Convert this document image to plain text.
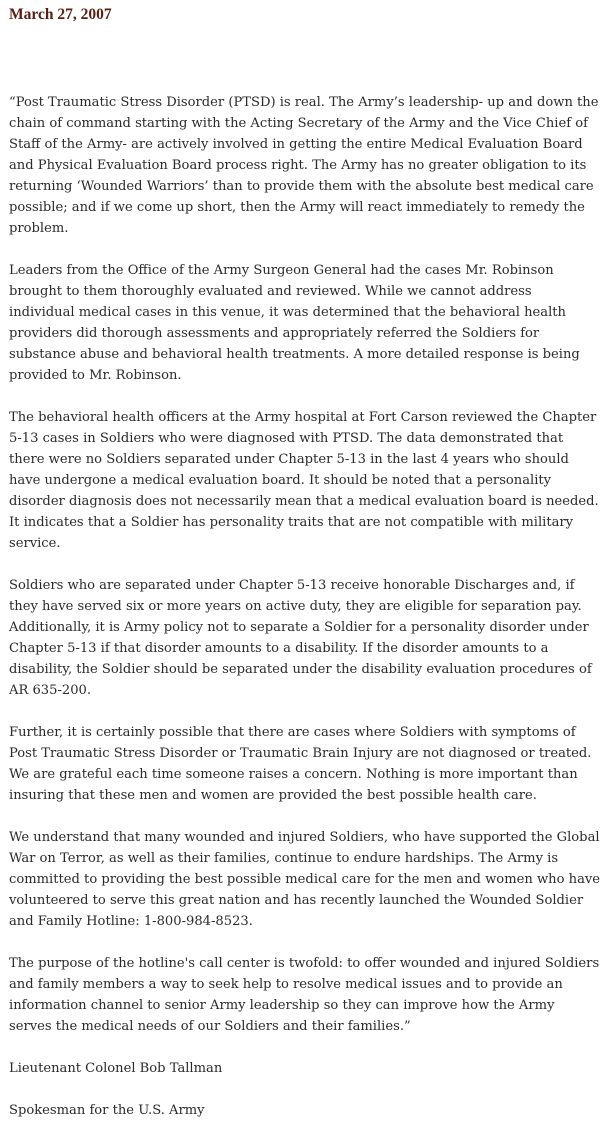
March 27, 2007

“Post Traumatic Stress Disorder (PTSD) is real. The Army’s leadership- up and down the chain of command starting with the Acting Secretary of the Army and the Vice Chief of Staff of the Army- are actively involved in getting the entire Medical Evaluation Board and Physical Evaluation Board process right. The Army has no greater obligation to its returning ‘Wounded Warriors’ than to provide them with the absolute best medical care possible; and if we come up short, then the Army will react immediately to remedy the problem.

Leaders from the Office of the Army Surgeon General had the cases Mr. Robinson brought to them thoroughly evaluated and reviewed. While we cannot address individual medical cases in this venue, it was determined that the behavioral health providers did thorough assessments and appropriately referred the Soldiers for substance abuse and behavioral health treatments. A more detailed response is being provided to Mr. Robinson.

The behavioral health officers at the Army hospital at Fort Carson reviewed the Chapter 5-13 cases in Soldiers who were diagnosed with PTSD. The data demonstrated that there were no Soldiers separated under Chapter 5-13 in the last 4 years who should have undergone a medical evaluation board. It should be noted that a personality disorder diagnosis does not necessarily mean that a medical evaluation board is needed. It indicates that a Soldier has personality traits that are not compatible with military service.

Soldiers who are separated under Chapter 5-13 receive honorable Discharges and, if they have served six or more years on active duty, they are eligible for separation pay. Additionally, it is Army policy not to separate a Soldier for a personality disorder under Chapter 5-13 if that disorder amounts to a disability. If the disorder amounts to a disability, the Soldier should be separated under the disability evaluation procedures of AR 635-200.

Further, it is certainly possible that there are cases where Soldiers with symptoms of Post Traumatic Stress Disorder or Traumatic Brain Injury are not diagnosed or treated. We are grateful each time someone raises a concern. Nothing is more important than insuring that these men and women are provided the best possible health care.

We understand that many wounded and injured Soldiers, who have supported the Global War on Terror, as well as their families, continue to endure hardships. The Army is committed to providing the best possible medical care for the men and women who have volunteered to serve this great nation and has recently launched the Wounded Soldier and Family Hotline: 1-800-984-8523.

The purpose of the hotline's call center is twofold: to offer wounded and injured Soldiers and family members a way to seek help to resolve medical issues and to provide an information channel to senior Army leadership so they can improve how the Army serves the medical needs of our Soldiers and their families.”

Lieutenant Colonel Bob Tallman

Spokesman for the U.S. Army
